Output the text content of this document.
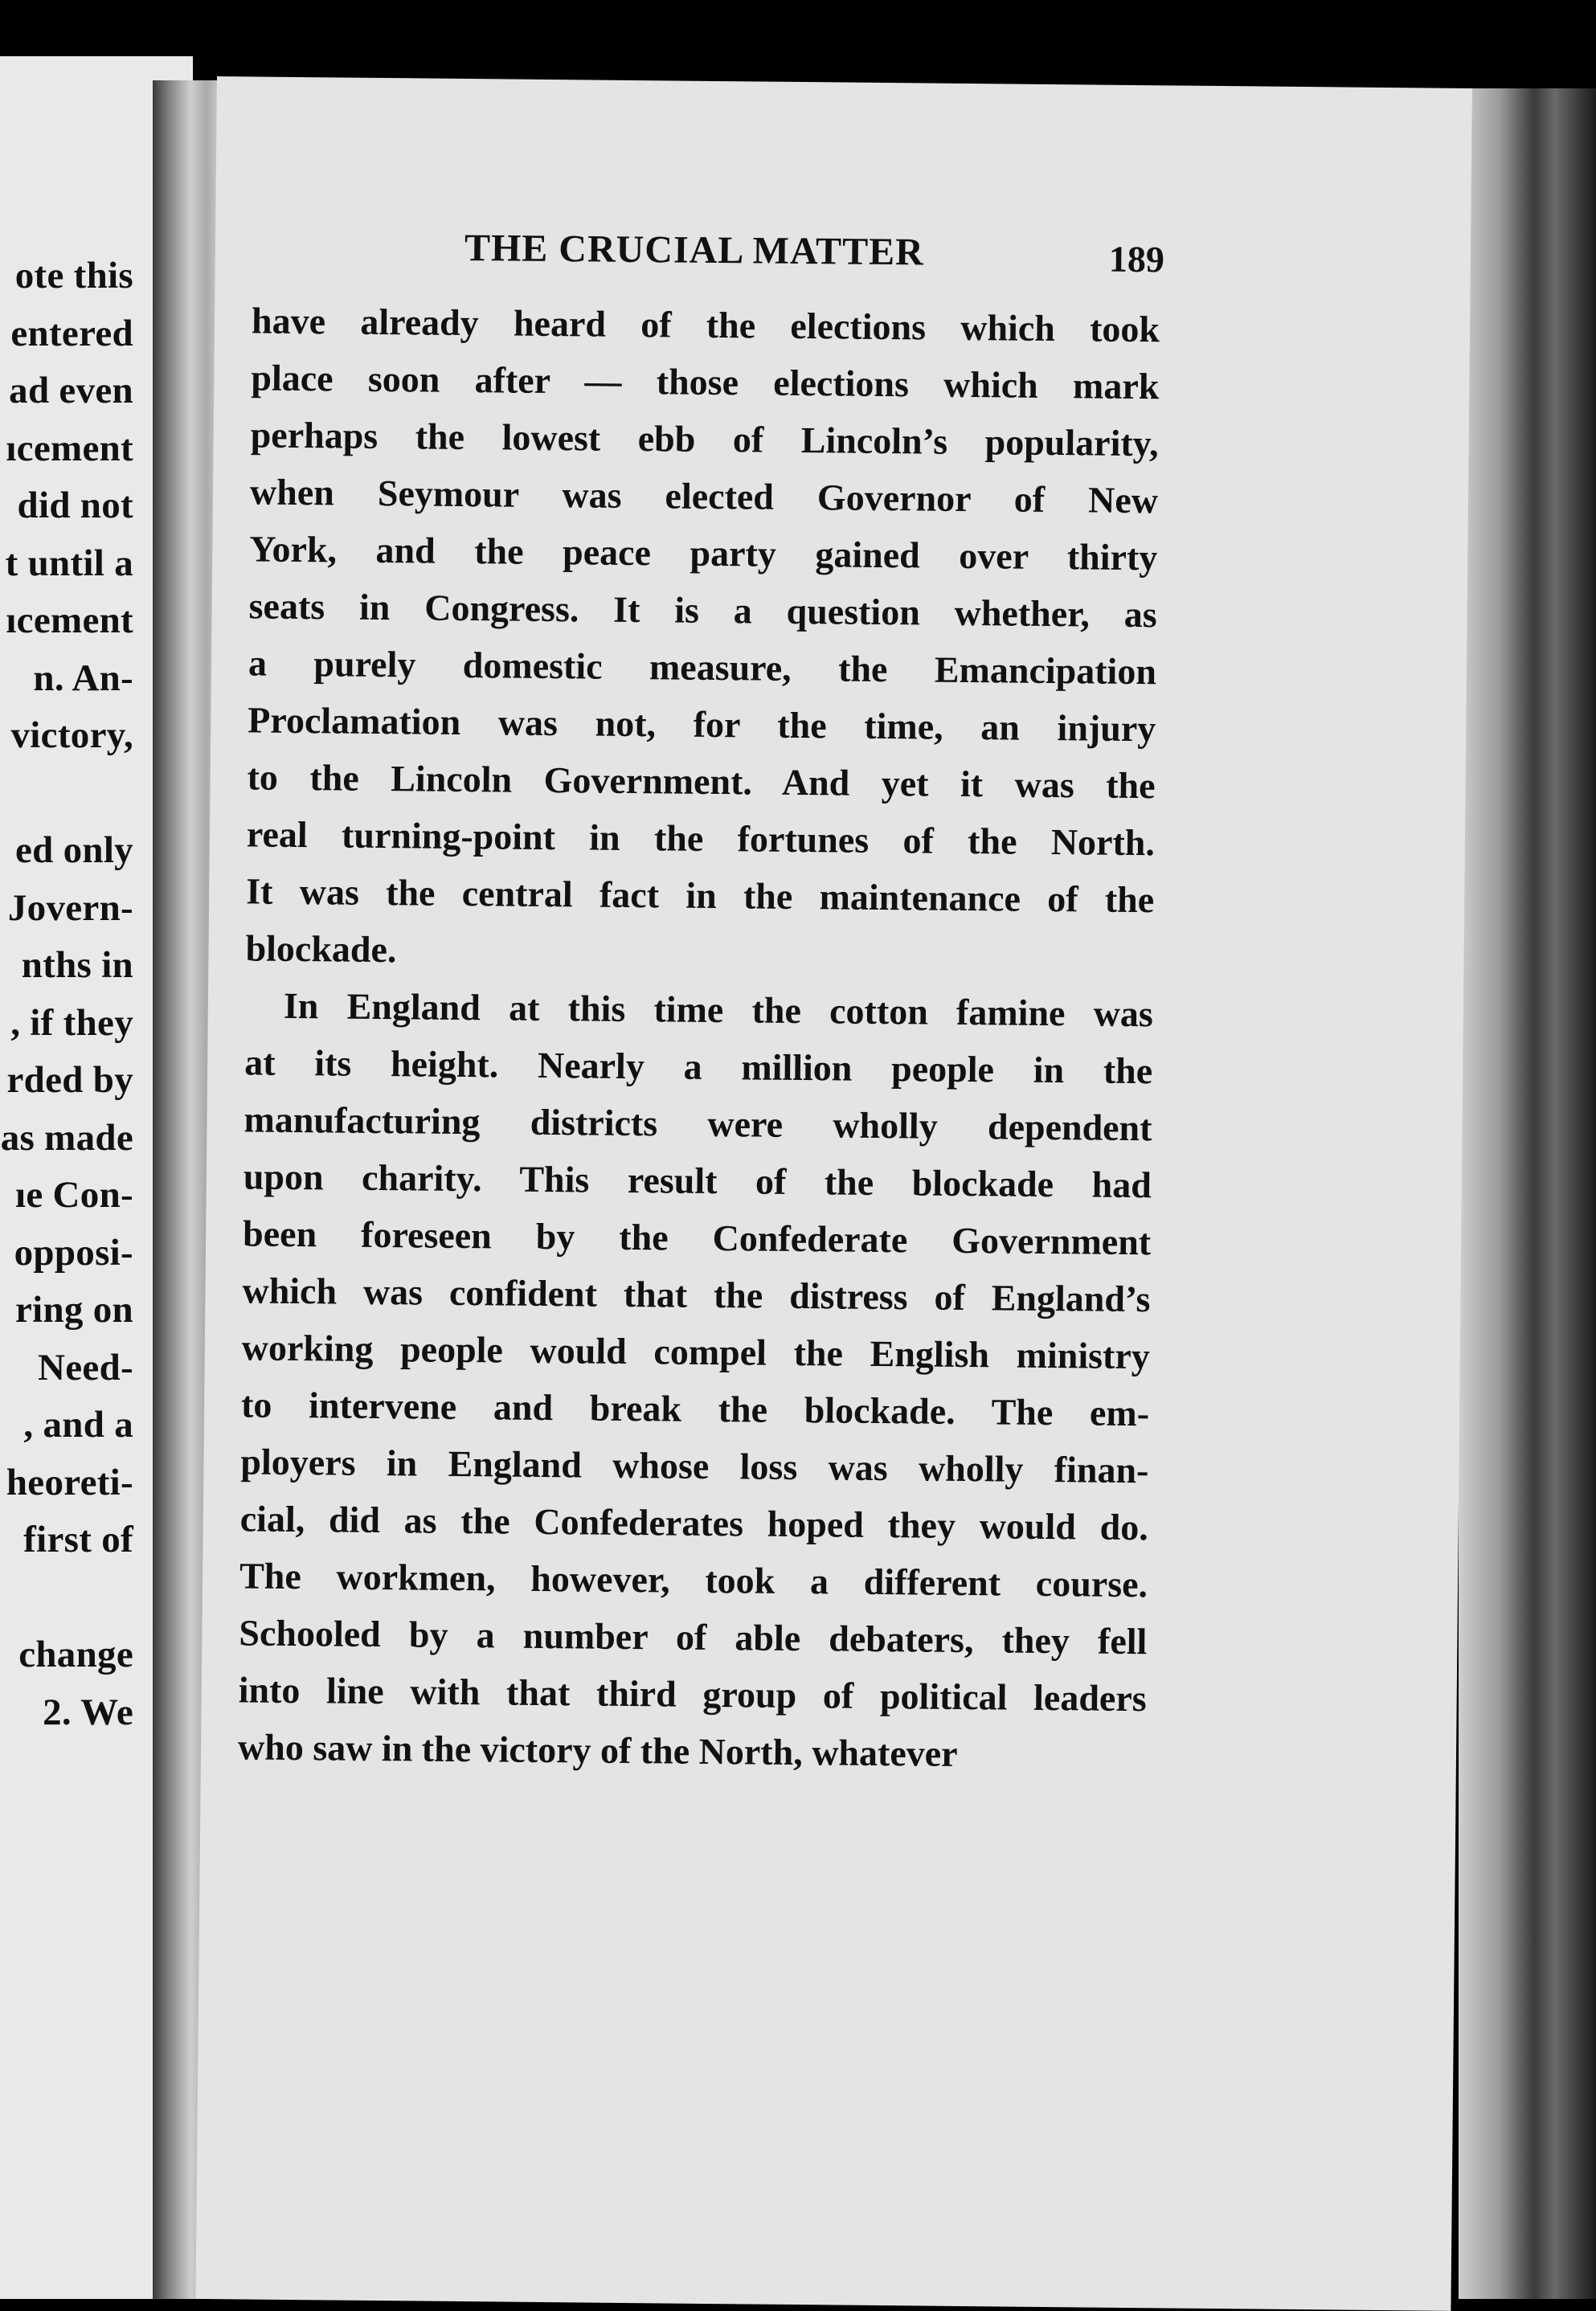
ote this
entered
ad even
ıcement
did not
t until a
ıcement
n. An-
victory,
ed only
Jovern-
nths in
, if they
rded by
as made
ıe Con-
opposi-
ring on
Need-
, and a
heoreti-
first of
change
2. We
THE CRUCIAL MATTER	189
have already heard of the elections which took
place soon after — those elections which mark
perhaps the lowest ebb of Lincoln’s popularity,
when Seymour was elected Governor of New
York, and the peace party gained over thirty
seats in Congress. It is a question whether, as
a purely domestic measure, the Emancipation
Proclamation was not, for the time, an injury
to the Lincoln Government. And yet it was the
real turning-point in the fortunes of the North.
It was the central fact in the maintenance of the
blockade.
In England at this time the cotton famine was
at its height. Nearly a million people in the
manufacturing districts were wholly dependent
upon charity. This result of the blockade had
been foreseen by the Confederate Government
which was confident that the distress of England’s
working people would compel the English ministry
to intervene and break the blockade. The em-
ployers in England whose loss was wholly finan-
cial, did as the Confederates hoped they would do.
The workmen, however, took a different course.
Schooled by a number of able debaters, they fell
into line with that third group of political leaders
who saw in the victory of the North, whatever
